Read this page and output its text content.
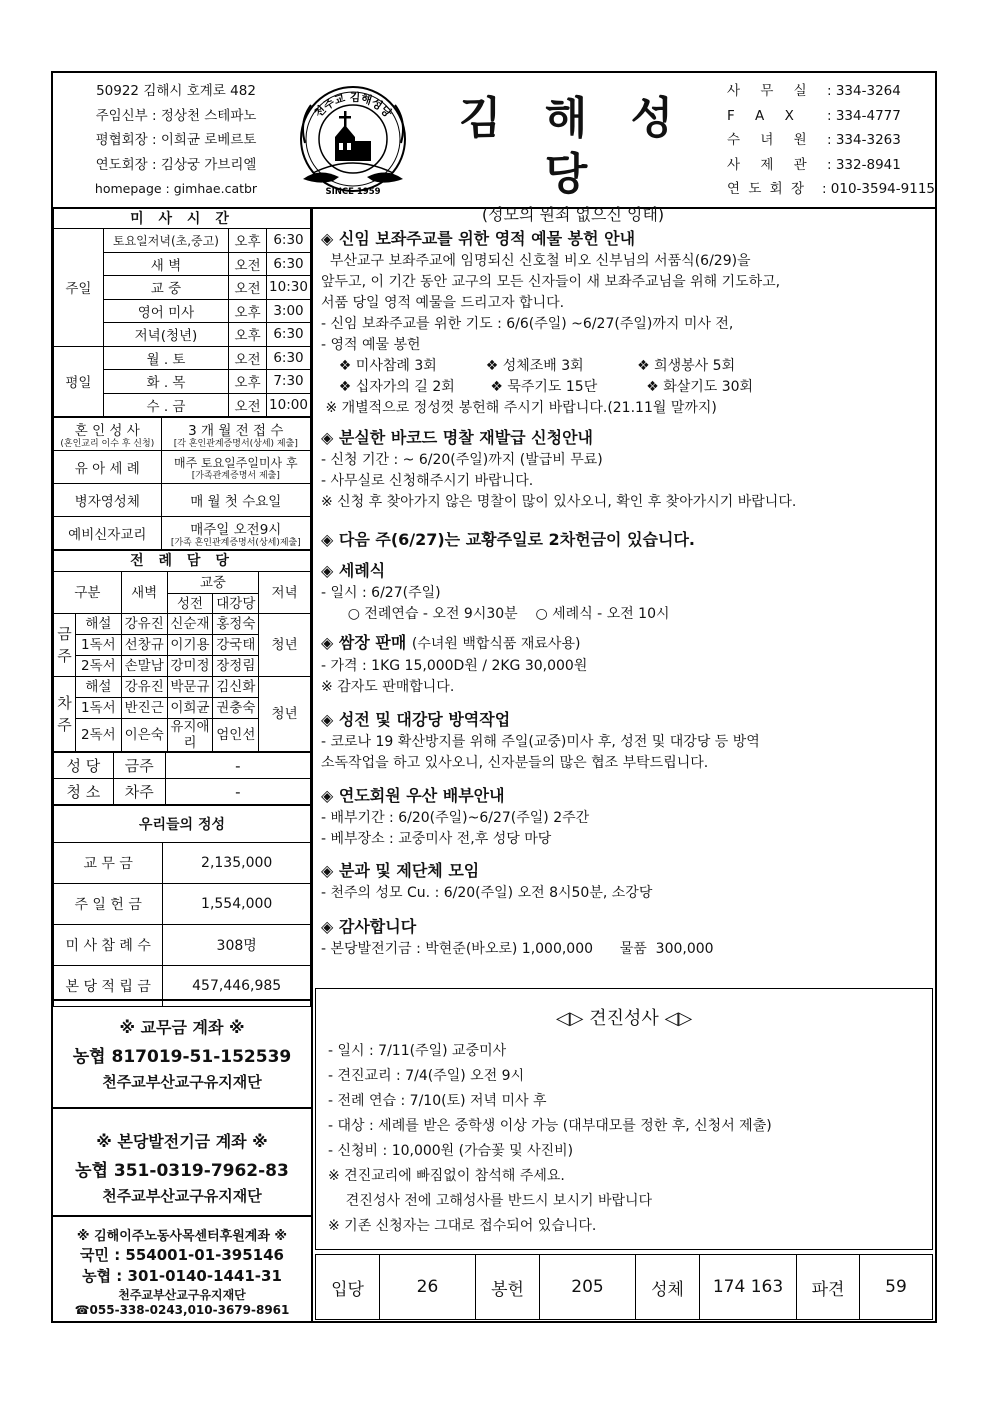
50922 김해시 호계로 482
주임신부 : 정상천 스테파노
평협회장 : 이희균 로베르토
연도회장 : 김상궁 가브리엘
homepage : gimhae.catbr
천주교 김해성당
SINCE 1959
김 해 성 당
(성모의 원죄 없으신 잉태)
사 무 실 : 334-3264
F A X	: 334-4777
수 녀 원 : 334-3263
사 제 관 : 332-8941
연 도 회 장	: 010-3594-9115
미 사 시 간			
주일	토요일저녁(초,중고)	오후	6:30
	새 벽	오전	6:30
	교 중	오전	10:30
	영어 미사	오후	3:00
	저녁(청년)	오후	6:30
평일	월 . 토	오전	6:30
	화 . 목	오후	7:30
	수 . 금	오전	10:00
혼 인 성 사
(혼인교리 이수 후 신청)	3 개 월 전 접 수
[각 혼인관계증명서(상세) 제출]

유 아 세 례	매주 토요일주일미사 후
[가족관계증명서 제출]

병자영성체	매 월 첫 수요일
예비신자교리	매주일 오전9시
[가족 혼인관계증명서(상세)제출]
전 례 담 당					
구분		새벽	교중		저녁
			성전	대강당	
금주	해설	강유진	신순재	홍정숙	청년
	1독서	선창규	이기용	강국태	
	2독서	손말남	강미정	장정림	
차주	해설	강유진	박문규	김신화	청년
	1독서	반진근	이희균	권충숙	
	2독서	이은숙	유지애리	엄인선	
성 당	금주	-
청 소	차주	-
우리들의 정성	
교 무 금	2,135,000
주 일 헌 금	1,554,000
미 사 참 례 수	308명
본 당 적 립 금	457,446,985
※ 교무금 계좌 ※
농협 817019-51-152539
천주교부산교구유지재단
※ 본당발전기금 계좌 ※
농협 351-0319-7962-83
천주교부산교구유지재단
※ 김해이주노동사목센터후원계좌 ※
국민 : 554001-01-395146
농협 : 301-0140-1441-31
천주교부산교구유지재단
☎055-338-0243,010-3679-8961
◈ 신임 보좌주교를 위한 영적 예물 봉헌 안내
부산교구 보좌주교에 임명되신 신호철 비오 신부님의 서품식(6/29)을
앞두고, 이 기간 동안 교구의 모든 신자들이 새 보좌주교님을 위해 기도하고,
서품 당일 영적 예물을 드리고자 합니다.
- 신임 보좌주교를 위한 기도 : 6/6(주일) ~6/27(주일)까지 미사 전,
- 영적 예물 봉헌
❖ 미사참례 3회           ❖ 성체조배 3회            ❖ 희생봉사 5회
❖ 십자가의 길 2회        ❖ 묵주기도 15단           ❖ 화살기도 30회
※ 개별적으로 정성껏 봉헌해 주시기 바랍니다.(21.11월 말까지)
◈ 분실한 바코드 명찰 재발급 신청안내
- 신청 기간 : ~ 6/20(주일)까지 (발급비 무료)
- 사무실로 신청해주시기 바랍니다.
※ 신청 후 찾아가지 않은 명찰이 많이 있사오니, 확인 후 찾아가시기 바랍니다.
◈ 다음 주(6/27)는 교황주일로 2차헌금이 있습니다.
◈ 세례식
- 일시 : 6/27(주일)
○ 전례연습 - 오전 9시30분    ○ 세례식 - 오전 10시
◈ 쌈장 판매 (수녀원 백합식품 재료사용)
- 가격 : 1KG 15,000D원 / 2KG 30,000원
※ 감자도 판매합니다.
◈ 성전 및 대강당 방역작업
- 코로나 19 확산방지를 위해 주일(교중)미사 후, 성전 및 대강당 등 방역
소독작업을 하고 있사오니, 신자분들의 많은 협조 부탁드립니다.
◈ 연도회원 우산 배부안내
- 배부기간 : 6/20(주일)~6/27(주일) 2주간
- 베부장소 : 교중미사 전,후 성당 마당
◈ 분과 및 제단체 모임
- 천주의 성모 Cu. : 6/20(주일) 오전 8시50분, 소강당
◈ 감사합니다
- 본당발전기금 : 박현준(바오로) 1,000,000      물품  300,000
◁▷ 견진성사 ◁▷
- 일시 : 7/11(주일) 교중미사
- 견진교리 : 7/4(주일) 오전 9시
- 전례 연습 : 7/10(토) 저녁 미사 후
- 대상 : 세례를 받은 중학생 이상 가능 (대부대모를 정한 후, 신청서 제출)
- 신청비 : 10,000원 (가슴꽃 및 사진비)
※ 견진교리에 빠짐없이 참석해 주세요.
견진성사 전에 고해성사를 반드시 보시기 바랍니다
※ 기존 신청자는 그대로 접수되어 있습니다.
입당	26	봉헌	205	성체	174 163	파견	59
